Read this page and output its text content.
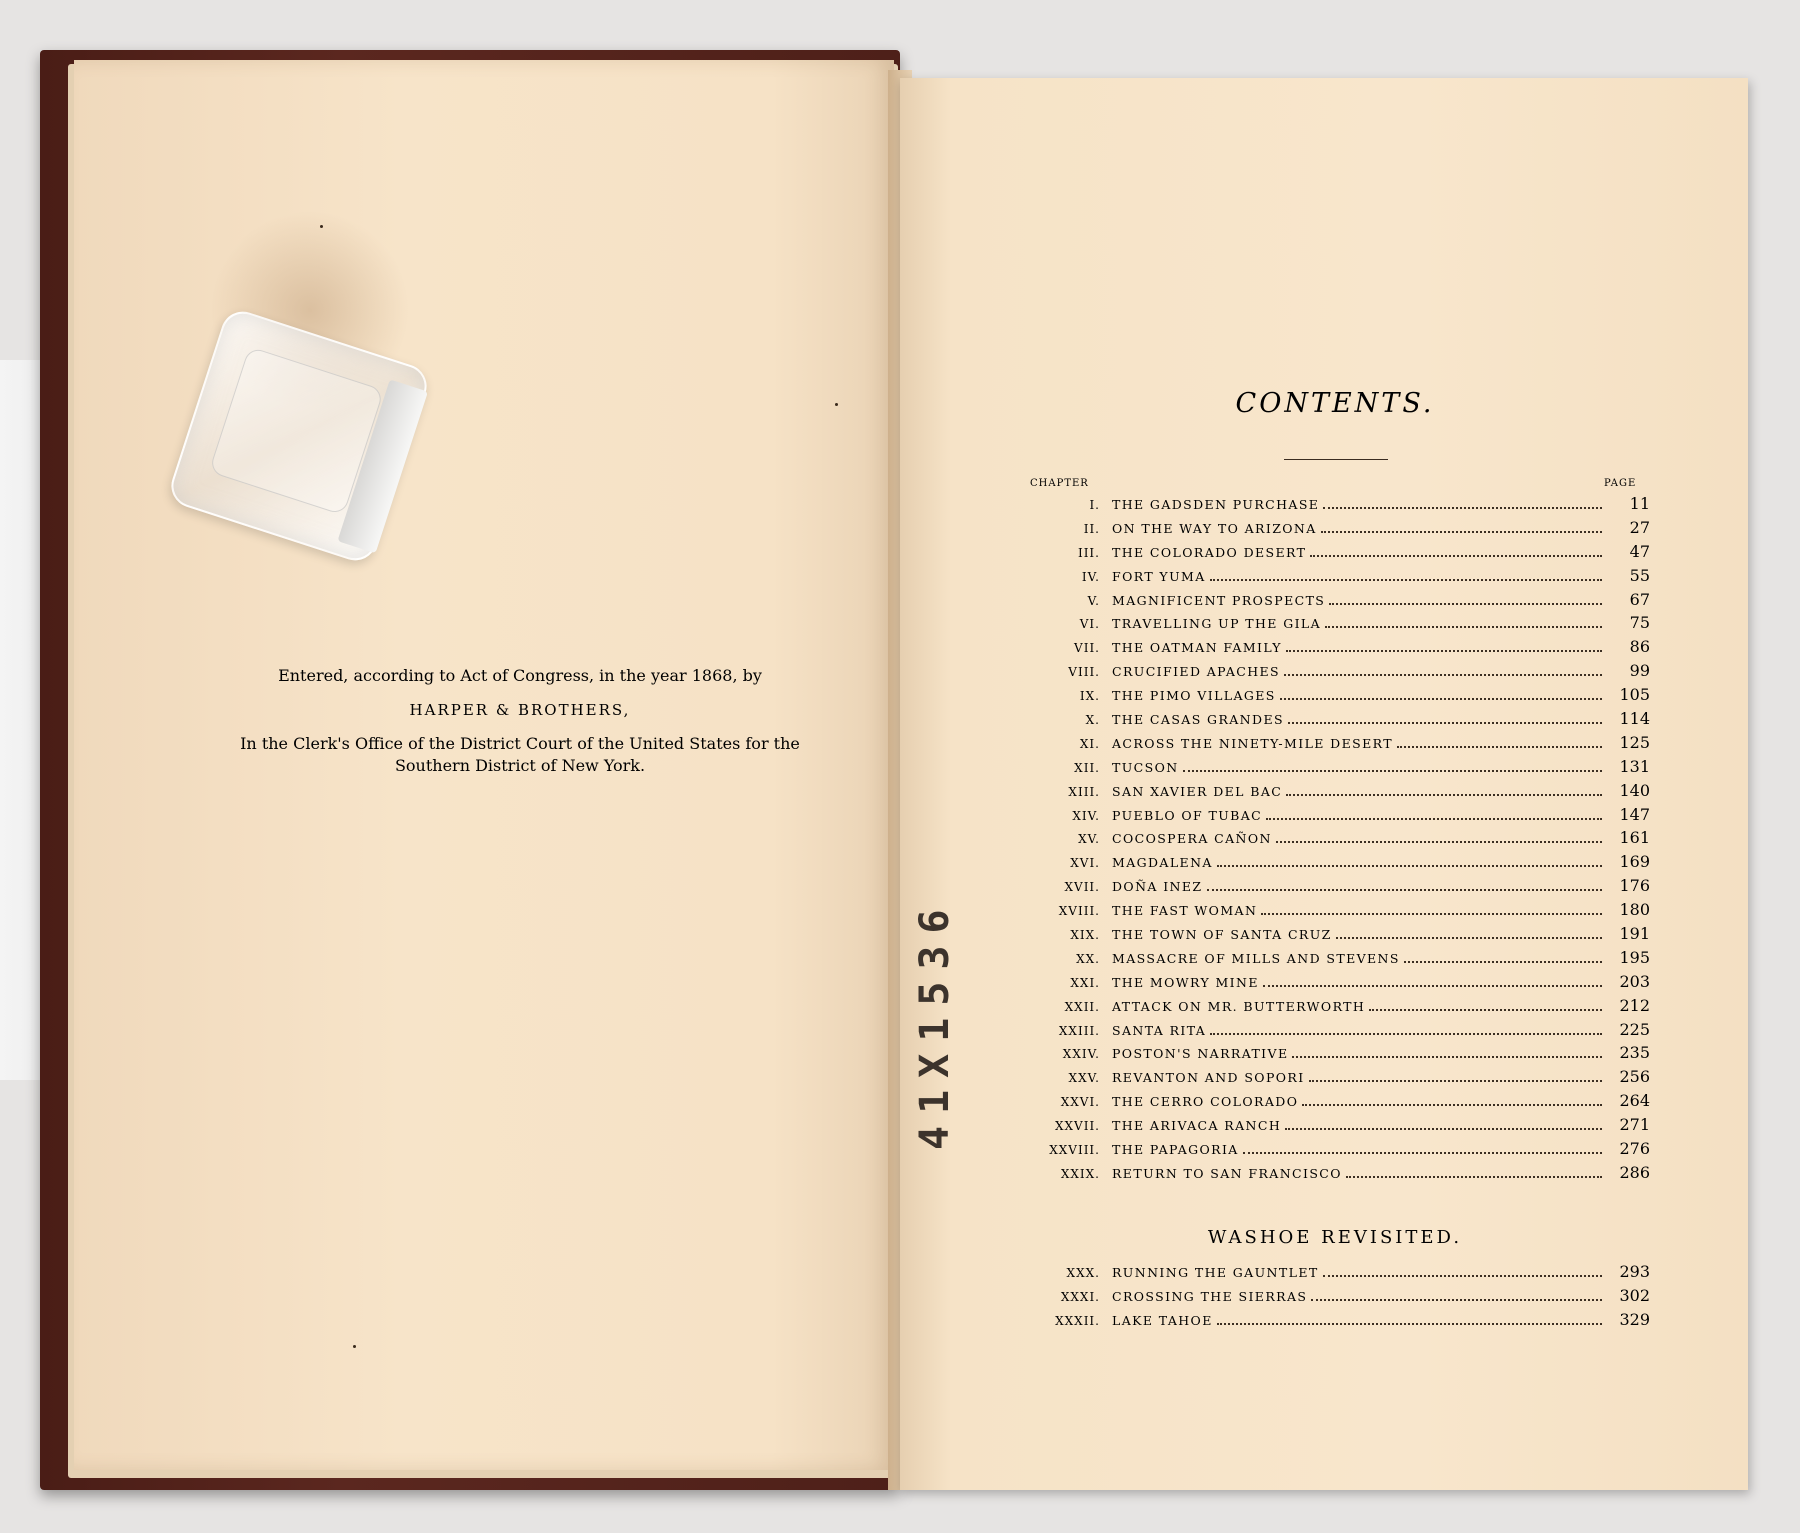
Entered, according to Act of Congress, in the year 1868, by
HARPER & BROTHERS,
In the Clerk's Office of the District Court of the United States for the
Southern District of New York.
CONTENTS.
CHAPTER	PAGE
I. THE GADSDEN PURCHASE	11
II. ON THE WAY TO ARIZONA	27
III. THE COLORADO DESERT	47
IV. FORT YUMA	55
V. MAGNIFICENT PROSPECTS	67
VI. TRAVELLING UP THE GILA	75
VII. THE OATMAN FAMILY	86
VIII. CRUCIFIED APACHES	99
IX. THE PIMO VILLAGES	105
X. THE CASAS GRANDES	114
XI. ACROSS THE NINETY-MILE DESERT	125
XII. TUCSON	131
XIII. SAN XAVIER DEL BAC	140
XIV. PUEBLO OF TUBAC	147
XV. COCOSPERA CAÑON	161
XVI. MAGDALENA	169
XVII. DOÑA INEZ	176
XVIII. THE FAST WOMAN	180
XIX. THE TOWN OF SANTA CRUZ	191
XX. MASSACRE OF MILLS AND STEVENS	195
XXI. THE MOWRY MINE	203
XXII. ATTACK ON MR. BUTTERWORTH	212
XXIII. SANTA RITA	225
XXIV. POSTON'S NARRATIVE	235
XXV. REVANTON AND SOPORI	256
XXVI. THE CERRO COLORADO	264
XXVII. THE ARIVACA RANCH	271
XXVIII. THE PAPAGORIA	276
XXIX. RETURN TO SAN FRANCISCO	286
WASHOE REVISITED.
XXX. RUNNING THE GAUNTLET	293
XXXI. CROSSING THE SIERRAS	302
XXXII. LAKE TAHOE	329
